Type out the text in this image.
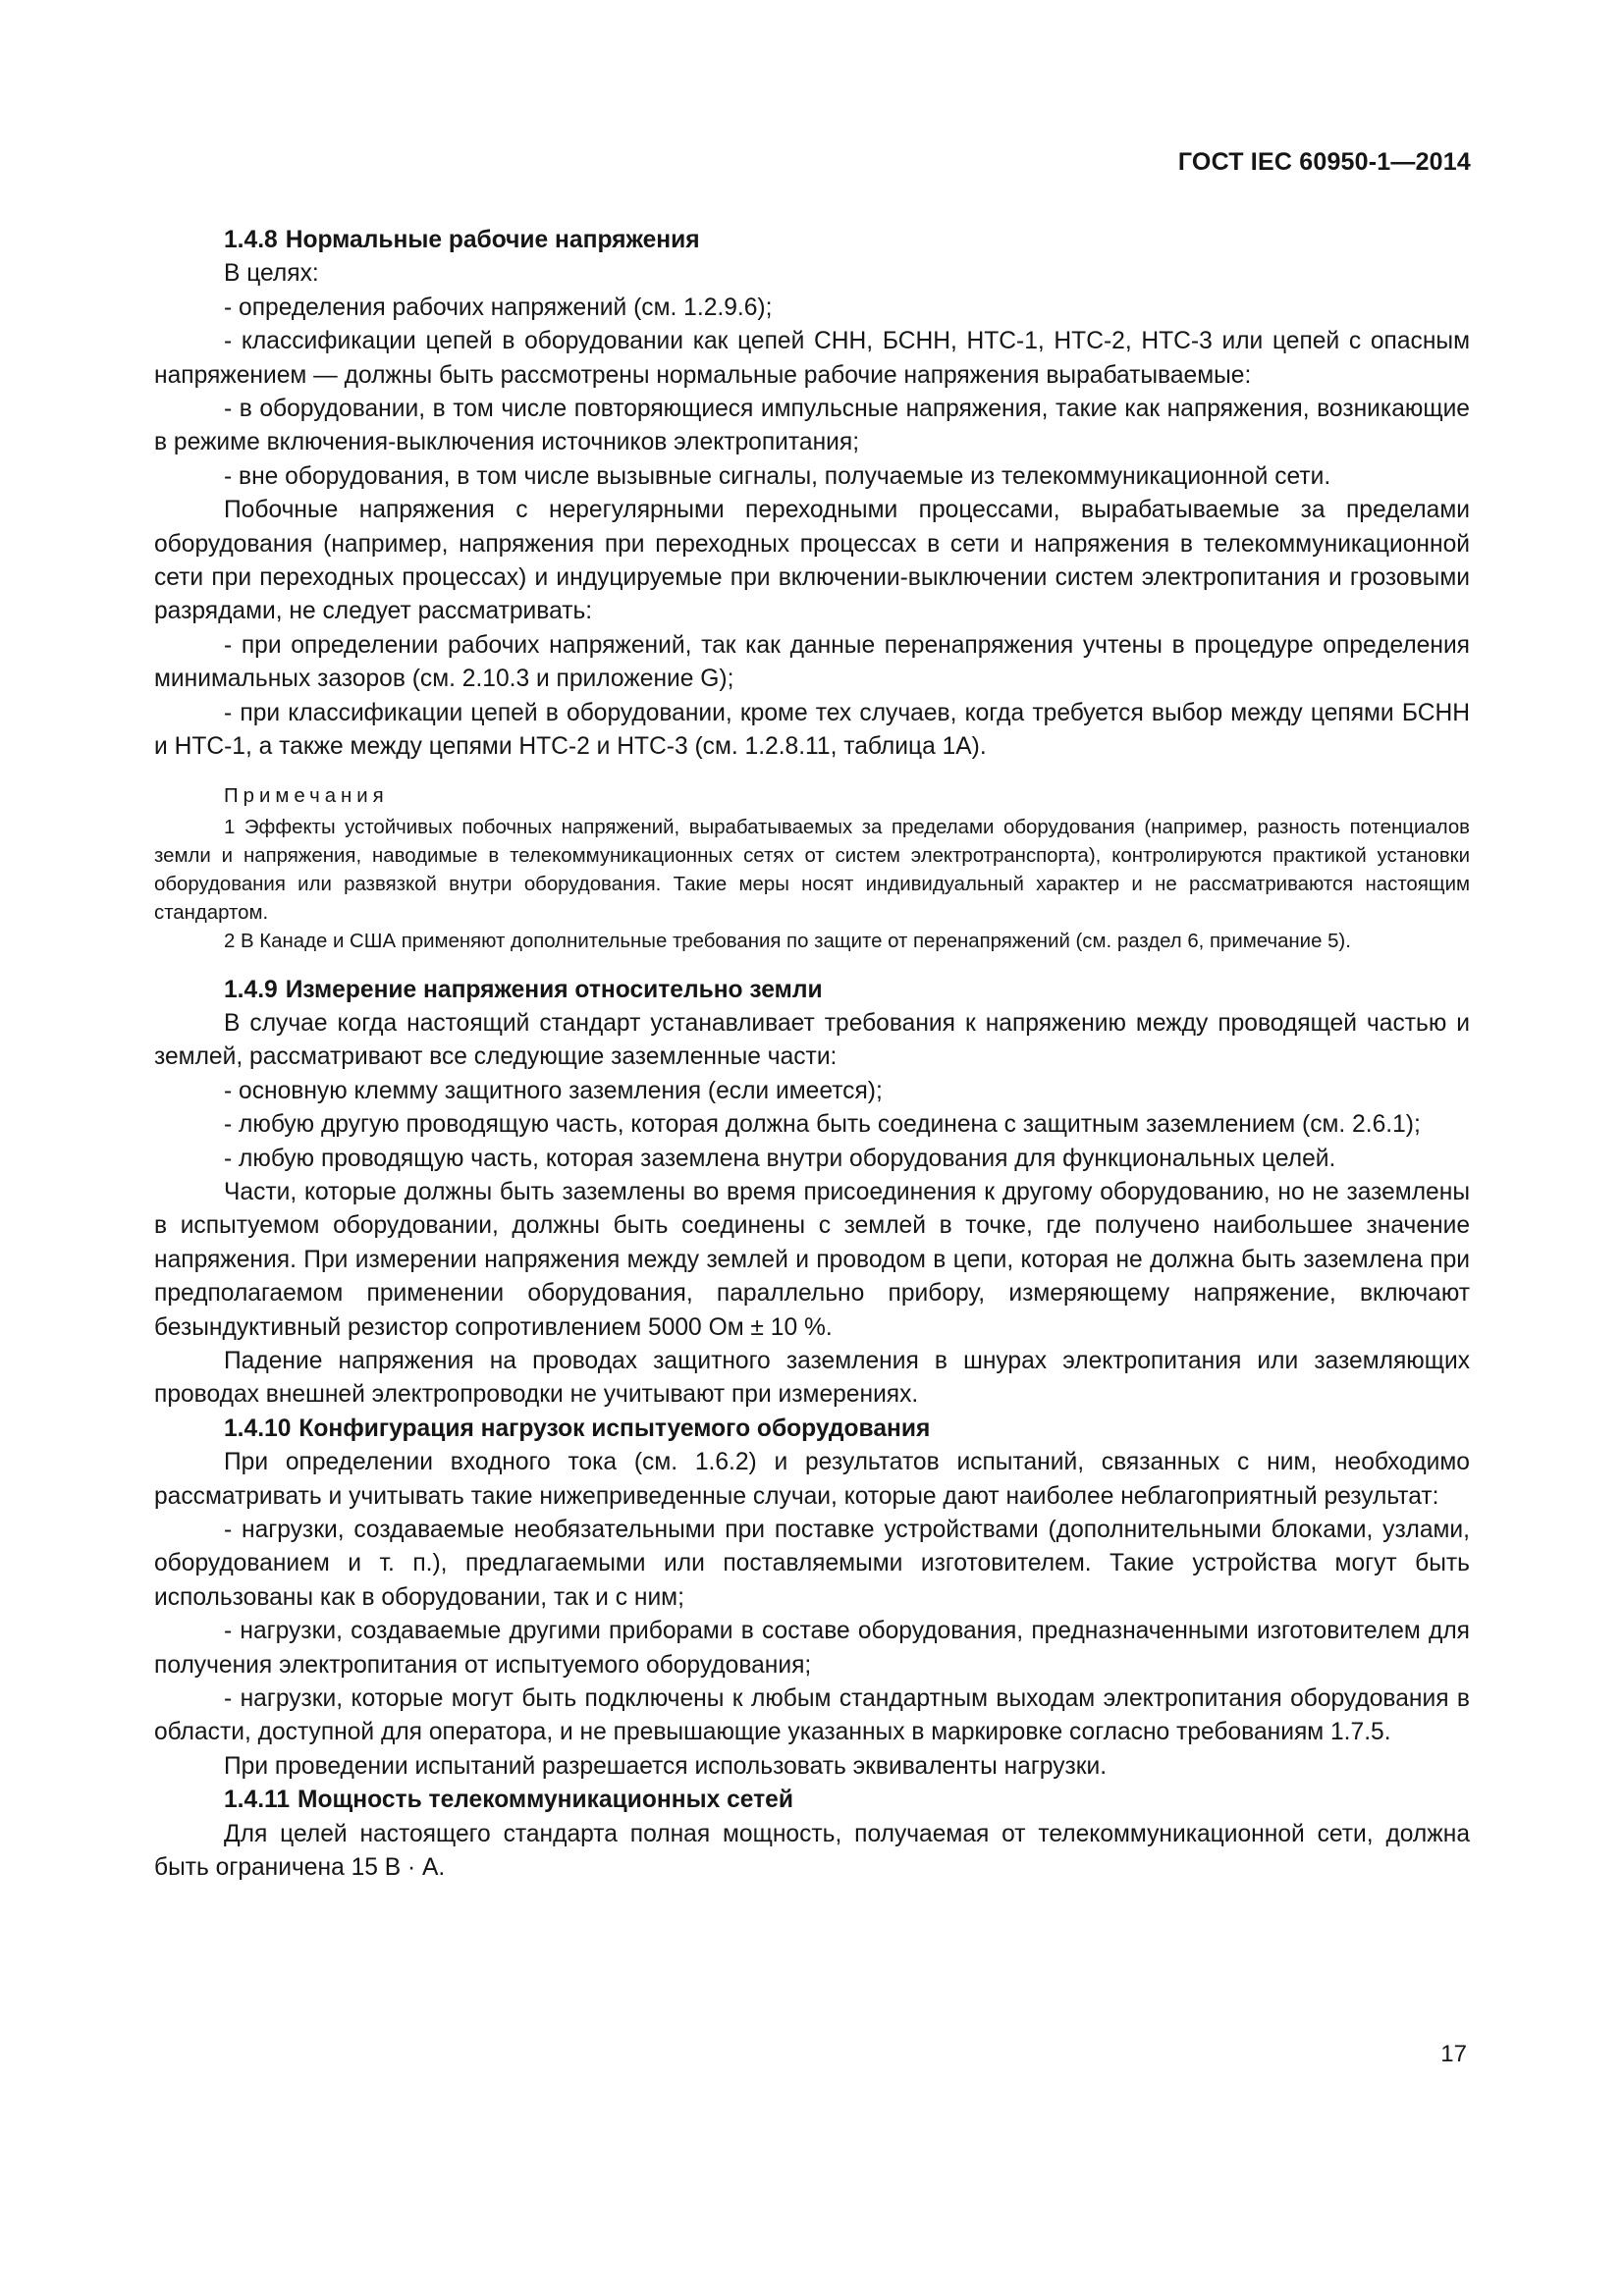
ГОСТ IEC 60950-1—2014
1.4.8 Нормальные рабочие напряжения

В целях:

- определения рабочих напряжений (см. 1.2.9.6);

- классификации цепей в оборудовании как цепей СНН, БСНН, НТС-1, НТС-2, НТС-3 или цепей с опасным напряжением — должны быть рассмотрены нормальные рабочие напряжения вырабатываемые:

- в оборудовании, в том числе повторяющиеся импульсные напряжения, такие как напряжения, возникающие в режиме включения-выключения источников электропитания;

- вне оборудования, в том числе вызывные сигналы, получаемые из телекоммуникационной сети.

Побочные напряжения с нерегулярными переходными процессами, вырабатываемые за пределами оборудования (например, напряжения при переходных процессах в сети и напряжения в телекоммуникационной сети при переходных процессах) и индуцируемые при включении-выключении систем электропитания и грозовыми разрядами, не следует рассматривать:

- при определении рабочих напряжений, так как данные перенапряжения учтены в процедуре определения минимальных зазоров (см. 2.10.3 и приложение G);

- при классификации цепей в оборудовании, кроме тех случаев, когда требуется выбор между цепями БСНН и НТС-1, а также между цепями НТС-2 и НТС-3 (см. 1.2.8.11, таблица 1А).

Примечания

1 Эффекты устойчивых побочных напряжений, вырабатываемых за пределами оборудования (например, разность потенциалов земли и напряжения, наводимые в телекоммуникационных сетях от систем электротранспорта), контролируются практикой установки оборудования или развязкой внутри оборудования. Такие меры носят индивидуальный характер и не рассматриваются настоящим стандартом.

2 В Канаде и США применяют дополнительные требования по защите от перенапряжений (см. раздел 6, примечание 5).

1.4.9 Измерение напряжения относительно земли

В случае когда настоящий стандарт устанавливает требования к напряжению между проводящей частью и землей, рассматривают все следующие заземленные части:

- основную клемму защитного заземления (если имеется);

- любую другую проводящую часть, которая должна быть соединена с защитным заземлением (см. 2.6.1);

- любую проводящую часть, которая заземлена внутри оборудования для функциональных целей.

Части, которые должны быть заземлены во время присоединения к другому оборудованию, но не заземлены в испытуемом оборудовании, должны быть соединены с землей в точке, где получено наибольшее значение напряжения. При измерении напряжения между землей и проводом в цепи, которая не должна быть заземлена при предполагаемом применении оборудования, параллельно прибору, измеряющему напряжение, включают безындуктивный резистор сопротивлением 5000 Ом ± 10 %.

Падение напряжения на проводах защитного заземления в шнурах электропитания или заземляющих проводах внешней электропроводки не учитывают при измерениях.

1.4.10 Конфигурация нагрузок испытуемого оборудования

При определении входного тока (см. 1.6.2) и результатов испытаний, связанных с ним, необходимо рассматривать и учитывать такие нижеприведенные случаи, которые дают наиболее неблагоприятный результат:

- нагрузки, создаваемые необязательными при поставке устройствами (дополнительными блоками, узлами, оборудованием и т. п.), предлагаемыми или поставляемыми изготовителем. Такие устройства могут быть использованы как в оборудовании, так и с ним;

- нагрузки, создаваемые другими приборами в составе оборудования, предназначенными изготовителем для получения электропитания от испытуемого оборудования;

- нагрузки, которые могут быть подключены к любым стандартным выходам электропитания оборудования в области, доступной для оператора, и не превышающие указанных в маркировке согласно требованиям 1.7.5.

При проведении испытаний разрешается использовать эквиваленты нагрузки.

1.4.11 Мощность телекоммуникационных сетей

Для целей настоящего стандарта полная мощность, получаемая от телекоммуникационной сети, должна быть ограничена 15 В · А.

17
